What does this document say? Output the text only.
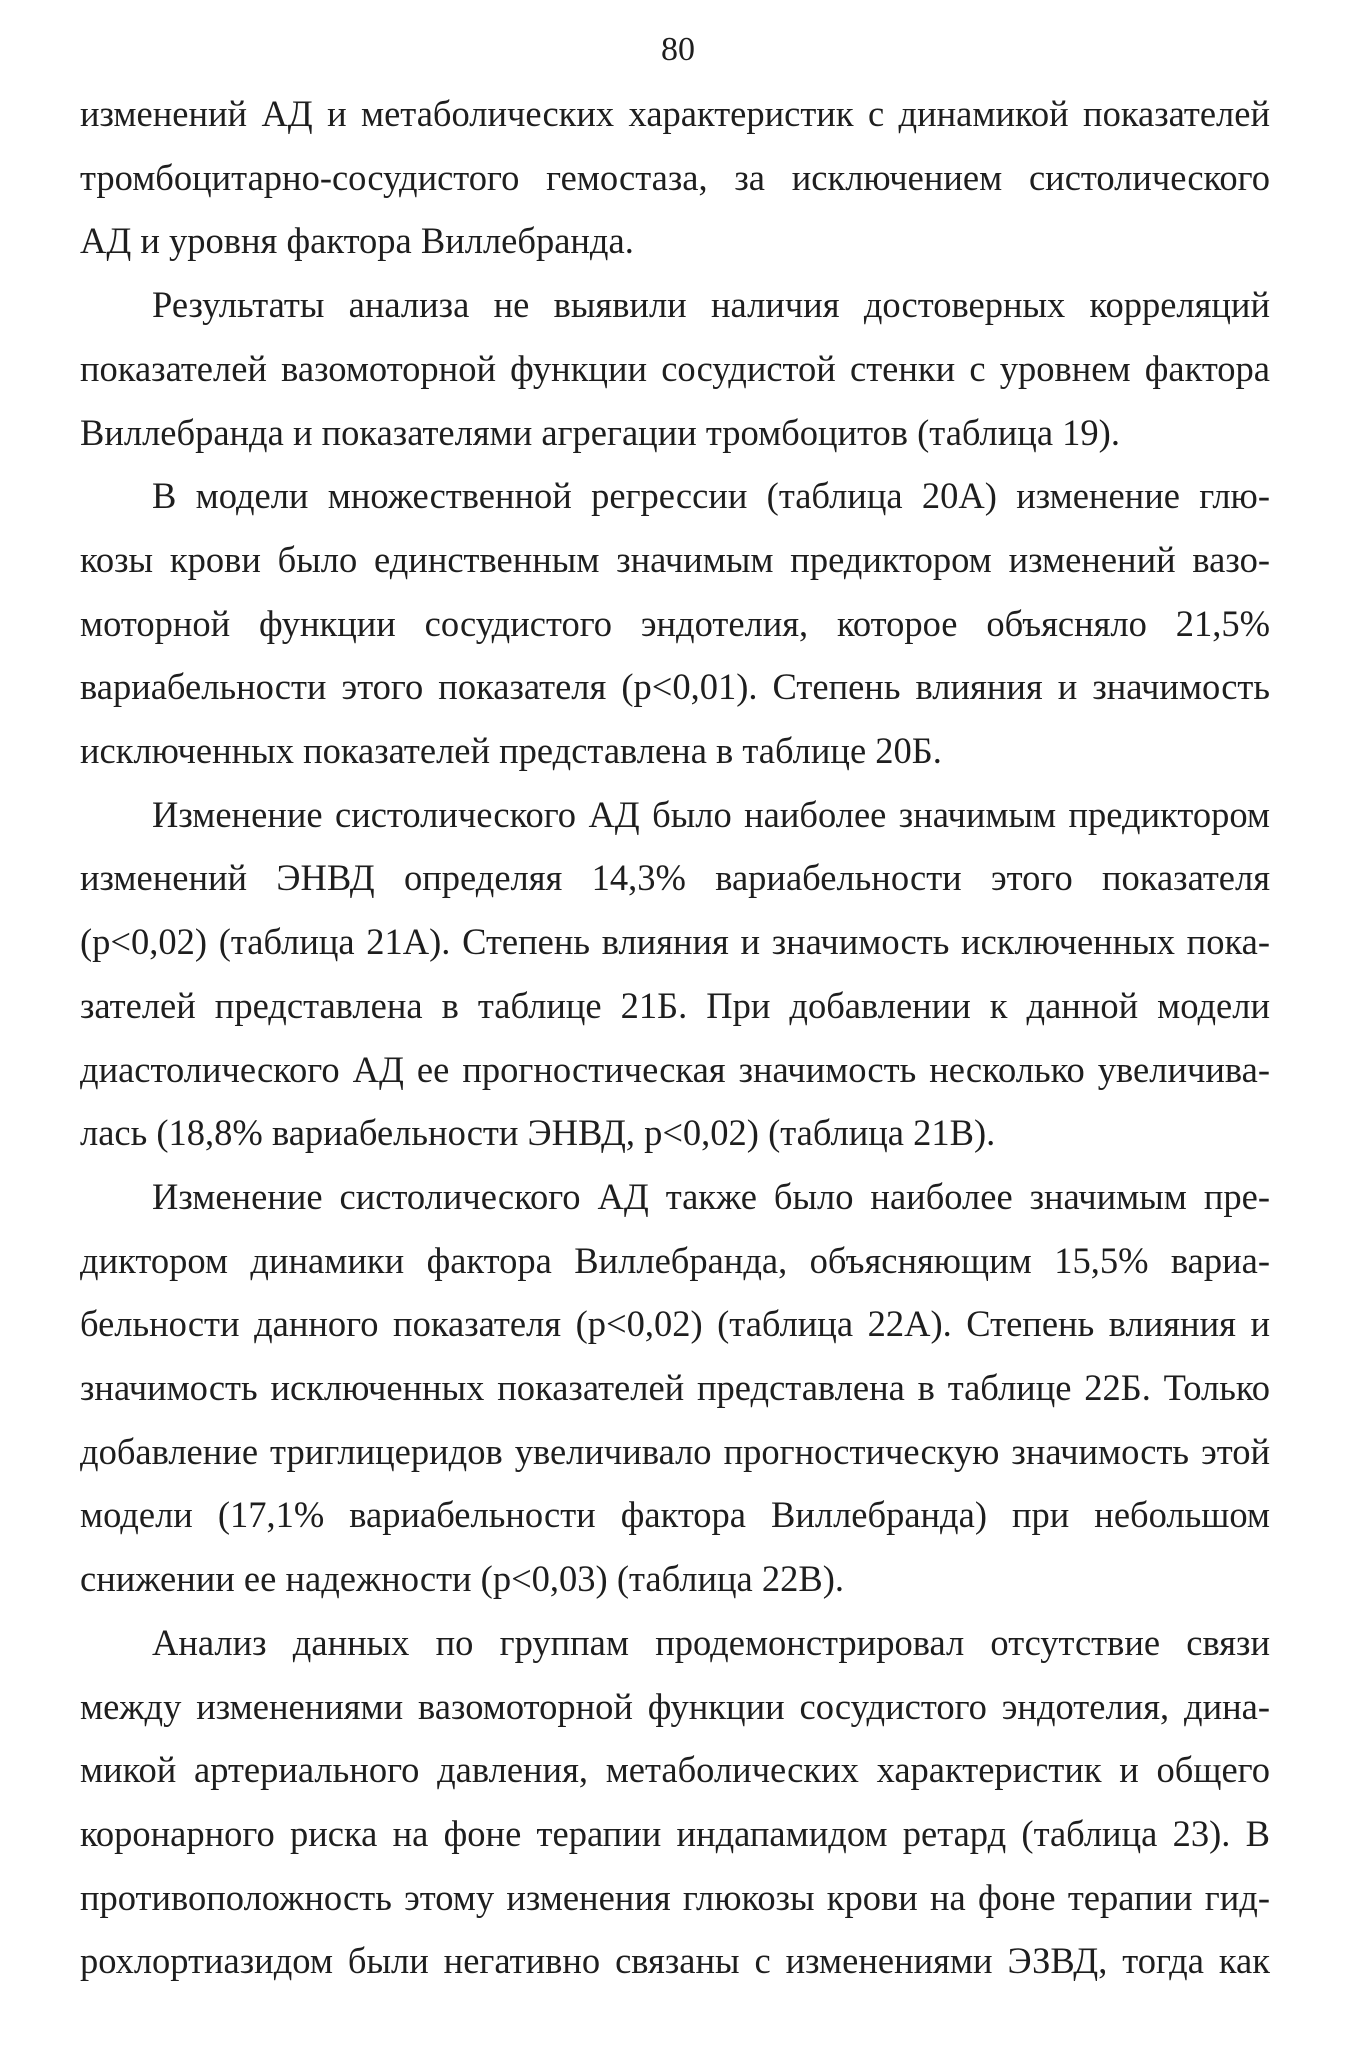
80

изменений АД и метаболических характеристик с динамикой показателей

тромбоцитарно-сосудистого гемостаза, за исключением систолического

АД и уровня фактора Виллебранда.

Результаты анализа не выявили наличия достоверных корреляций

показателей вазомоторной функции сосудистой стенки с уровнем фактора

Виллебранда и показателями агрегации тромбоцитов (таблица 19).

В модели множественной регрессии (таблица 20А) изменение глю-

козы крови было единственным значимым предиктором изменений вазо-

моторной функции сосудистого эндотелия, которое объясняло 21,5%

вариабельности этого показателя (p<0,01). Степень влияния и значимость

исключенных показателей представлена в таблице 20Б.

Изменение систолического АД было наиболее значимым предиктором

изменений ЭНВД определяя 14,3% вариабельности этого показателя

(p<0,02) (таблица 21А). Степень влияния и значимость исключенных пока-

зателей представлена в таблице 21Б. При добавлении к данной модели

диастолического АД ее прогностическая значимость несколько увеличива-

лась (18,8% вариабельности ЭНВД, p<0,02) (таблица 21В).

Изменение систолического АД также было наиболее значимым пре-

диктором динамики фактора Виллебранда, объясняющим 15,5% вариа-

бельности данного показателя (p<0,02) (таблица 22А). Степень влияния и

значимость исключенных показателей представлена в таблице 22Б. Только

добавление триглицеридов увеличивало прогностическую значимость этой

модели (17,1% вариабельности фактора Виллебранда) при небольшом

снижении ее надежности (p<0,03) (таблица 22В).

Анализ данных по группам продемонстрировал отсутствие связи

между изменениями вазомоторной функции сосудистого эндотелия, дина-

микой артериального давления, метаболических характеристик и общего

коронарного риска на фоне терапии индапамидом ретард (таблица 23). В

противоположность этому изменения глюкозы крови на фоне терапии гид-

рохлортиазидом были негативно связаны с изменениями ЭЗВД, тогда как
